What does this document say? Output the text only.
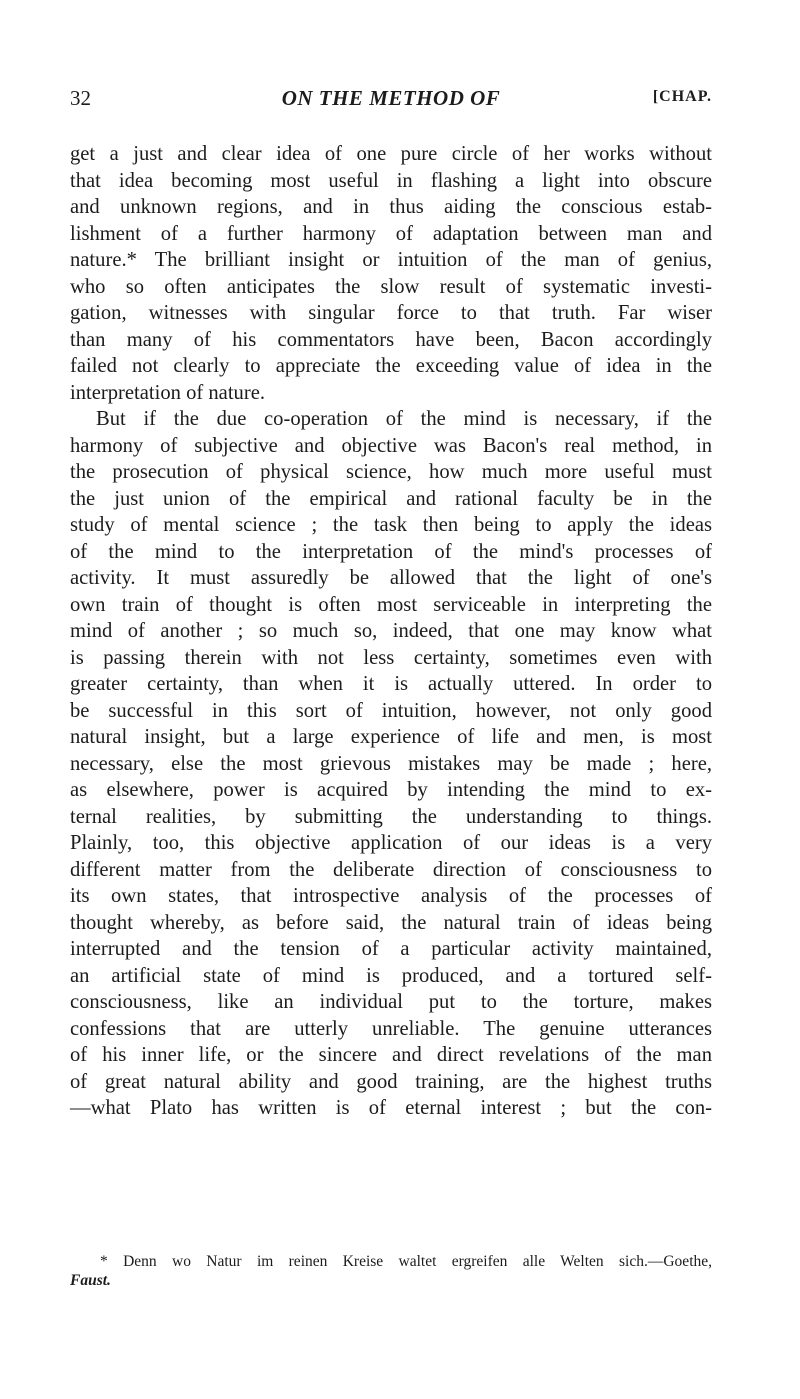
32	ON THE METHOD OF	[CHAP.
get a just and clear idea of one pure circle of her works without
that idea becoming most useful in flashing a light into obscure
and unknown regions, and in thus aiding the conscious estab-
lishment of a further harmony of adaptation between man and
nature.* The brilliant insight or intuition of the man of genius,
who so often anticipates the slow result of systematic investi-
gation, witnesses with singular force to that truth. Far wiser
than many of his commentators have been, Bacon accordingly
failed not clearly to appreciate the exceeding value of idea in the
interpretation of nature.
But if the due co-operation of the mind is necessary, if the
harmony of subjective and objective was Bacon's real method, in
the prosecution of physical science, how much more useful must
the just union of the empirical and rational faculty be in the
study of mental science ; the task then being to apply the ideas
of the mind to the interpretation of the mind's processes of
activity. It must assuredly be allowed that the light of one's
own train of thought is often most serviceable in interpreting the
mind of another ; so much so, indeed, that one may know what
is passing therein with not less certainty, sometimes even with
greater certainty, than when it is actually uttered. In order to
be successful in this sort of intuition, however, not only good
natural insight, but a large experience of life and men, is most
necessary, else the most grievous mistakes may be made ; here,
as elsewhere, power is acquired by intending the mind to ex-
ternal realities, by submitting the understanding to things.
Plainly, too, this objective application of our ideas is a very
different matter from the deliberate direction of consciousness to
its own states, that introspective analysis of the processes of
thought whereby, as before said, the natural train of ideas being
interrupted and the tension of a particular activity maintained,
an artificial state of mind is produced, and a tortured self-
consciousness, like an individual put to the torture, makes
confessions that are utterly unreliable. The genuine utterances
of his inner life, or the sincere and direct revelations of the man
of great natural ability and good training, are the highest truths
—what Plato has written is of eternal interest ; but the con-
* Denn wo Natur im reinen Kreise waltet ergreifen alle Welten sich.—Goethe,
Faust.
